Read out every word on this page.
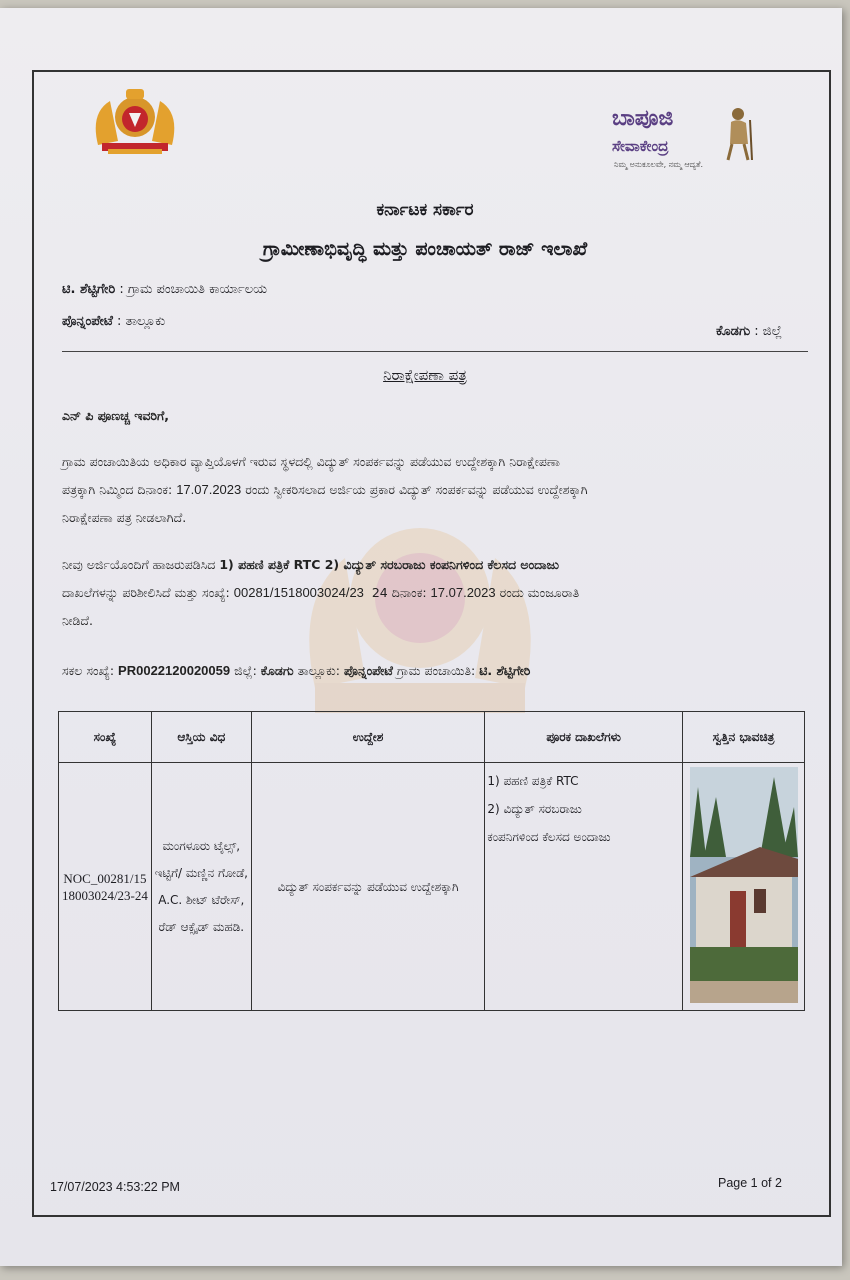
ಬಾಪೂಜಿ
ಸೇವಾಕೇಂದ್ರ
ನಿಮ್ಮ ಅನುಕೂಲವೇ, ನಮ್ಮ ಆದ್ಯತೆ.
ಕರ್ನಾಟಕ ಸರ್ಕಾರ
ಗ್ರಾಮೀಣಾಭಿವೃದ್ಧಿ ಮತ್ತು ಪಂಚಾಯತ್ ರಾಜ್ ಇಲಾಖೆ
ಟಿ. ಶೆಟ್ಟಿಗೇರಿ : ಗ್ರಾಮ ಪಂಚಾಯಿತಿ ಕಾರ್ಯಾಲಯ
ಪೊನ್ನಂಪೇಟೆ : ತಾಲ್ಲೂಕು
ಕೊಡಗು : ಜಿಲ್ಲೆ
ನಿರಾಕ್ಷೇಪಣಾ ಪತ್ರ
ಎನ್ ಪಿ ಪೂಣಚ್ಚ ಇವರಿಗೆ,
ಗ್ರಾಮ ಪಂಚಾಯಿತಿಯ ಅಧಿಕಾರ ವ್ಯಾಪ್ತಿಯೊಳಗೆ ಇರುವ ಸ್ಥಳದಲ್ಲಿ ವಿದ್ಯುತ್ ಸಂಪರ್ಕವನ್ನು ಪಡೆಯುವ ಉದ್ದೇಶಕ್ಕಾಗಿ ನಿರಾಕ್ಷೇಪಣಾ
ಪತ್ರಕ್ಕಾಗಿ ನಿಮ್ಮಿಂದ ದಿನಾಂಕ: 17.07.2023 ರಂದು ಸ್ವೀಕರಿಸಲಾದ ಅರ್ಜಿಯ ಪ್ರಕಾರ ವಿದ್ಯುತ್ ಸಂಪರ್ಕವನ್ನು ಪಡೆಯುವ ಉದ್ದೇಶಕ್ಕಾಗಿ
ನಿರಾಕ್ಷೇಪಣಾ ಪತ್ರ ನೀಡಲಾಗಿದೆ.
ನೀವು ಅರ್ಜಿಯೊಂದಿಗೆ ಹಾಜರುಪಡಿಸಿದ 1) ಪಹಣಿ ಪತ್ರಿಕೆ RTC 2) ವಿದ್ಯುತ್ ಸರಬರಾಜು ಕಂಪನಿಗಳಿಂದ ಕೆಲಸದ ಅಂದಾಜು
ದಾಖಲೆಗಳನ್ನು ಪರಿಶೀಲಿಸಿದೆ ಮತ್ತು ಸಂಖ್ಯೆ: 00281/1518003024/23 24 ದಿನಾಂಕ: 17.07.2023 ರಂದು ಮಂಜೂರಾತಿ
ನೀಡಿದೆ.
ಸಕಲ ಸಂಖ್ಯೆ: PR0022120020059 ಜಿಲ್ಲೆ: ಕೊಡಗು ತಾಲ್ಲೂಕು: ಪೊನ್ನಂಪೇಟೆ ಗ್ರಾಮ ಪಂಚಾಯಿತಿ: ಟಿ. ಶೆಟ್ಟಿಗೇರಿ
ಸಂಖ್ಯೆ	ಆಸ್ತಿಯ ವಿಧ	ಉದ್ದೇಶ	ಪೂರಕ ದಾಖಲೆಗಳು	ಸ್ವತ್ತಿನ ಭಾವಚಿತ್ರ
NOC_00281/1518003024/23-24	ಮಂಗಳೂರು ಟೈಲ್ಸ್, ಇಟ್ಟಿಗೆ/ ಮಣ್ಣಿನ ಗೋಡೆ, A.C. ಶೀಟ್ ಟೆರೇಸ್, ರೆಡ್ ಆಕ್ಸೈಡ್ ಮಹಡಿ.	ವಿದ್ಯುತ್ ಸಂಪರ್ಕವನ್ನು ಪಡೆಯುವ ಉದ್ದೇಶಕ್ಕಾಗಿ	1) ಪಹಣಿ ಪತ್ರಿಕೆ RTC
2) ವಿದ್ಯುತ್ ಸರಬರಾಜು
ಕಂಪನಿಗಳಿಂದ ಕೆಲಸದ ಅಂದಾಜು

17/07/2023 4:53:22 PM	Page 1 of 2
